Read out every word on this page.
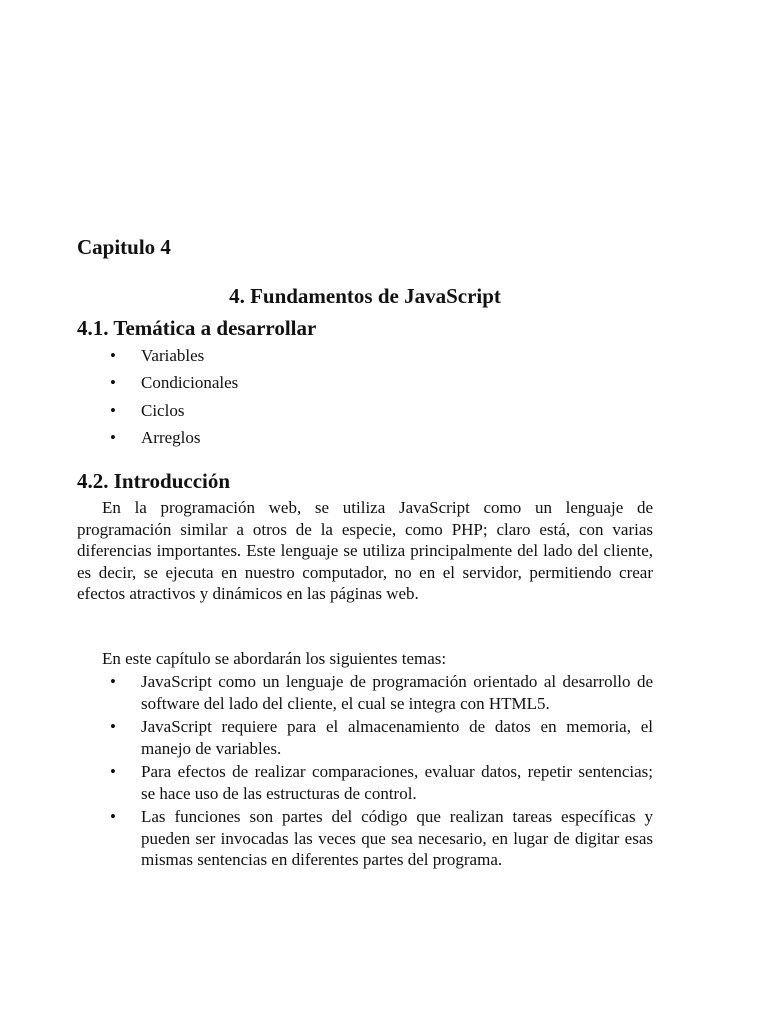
Capitulo 4
4. Fundamentos de JavaScript
4.1. Temática a desarrollar
• Variables
• Condicionales
• Ciclos
• Arreglos
4.2. Introducción

En la programación web, se utiliza JavaScript como un lenguaje de programación similar a otros de la especie, como PHP; claro está, con varias diferencias importantes. Este lenguaje se utiliza principalmente del lado del cliente, es decir, se ejecuta en nuestro computador, no en el servidor, permitiendo crear efectos atractivos y dinámicos en las páginas web.

En este capítulo se abordarán los siguientes temas:

• JavaScript como un lenguaje de programación orientado al desarrollo de software del lado del cliente, el cual se integra con HTML5.
• JavaScript requiere para el almacenamiento de datos en memoria, el manejo de variables.
• Para efectos de realizar comparaciones, evaluar datos, repetir sentencias; se hace uso de las estructuras de control.
• Las funciones son partes del código que realizan tareas específicas y pueden ser invocadas las veces que sea necesario, en lugar de digitar esas mismas sentencias en diferentes partes del programa.
